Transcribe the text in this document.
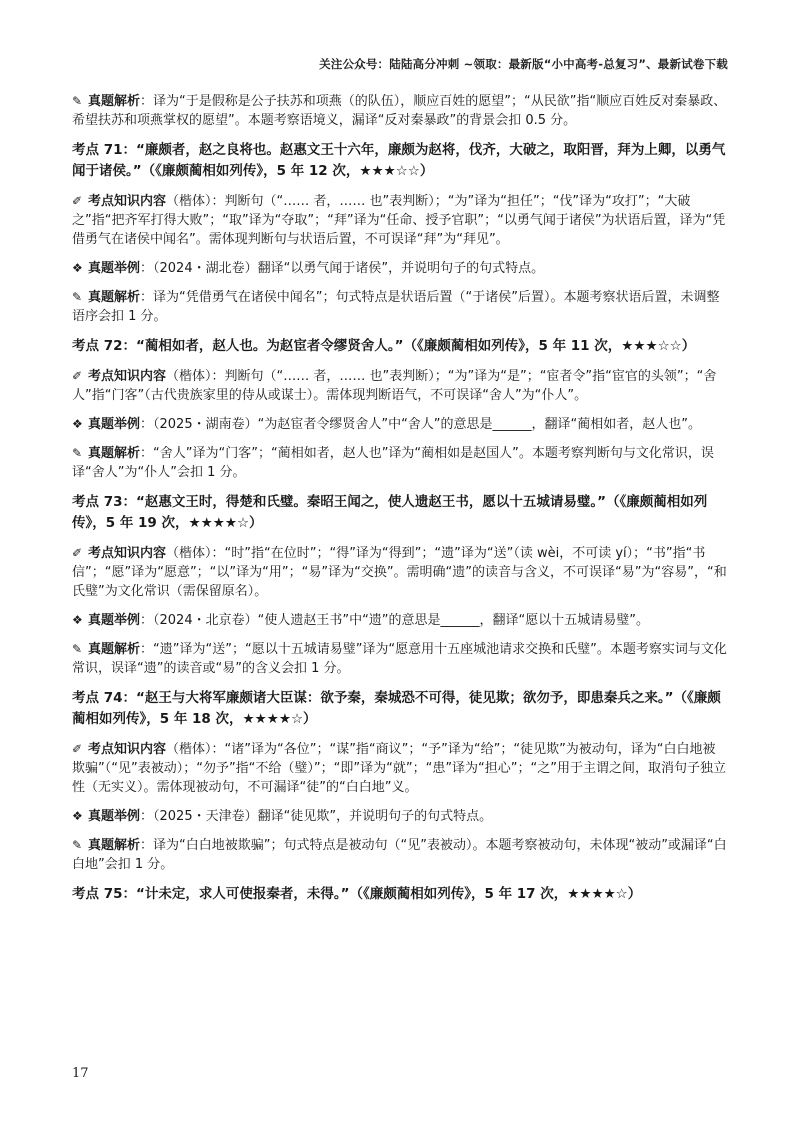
关注公众号：陆陆高分冲刺 ~领取：最新版“小中高考-总复习”、最新试卷下载

✎ 真题解析：译为“于是假称是公子扶苏和项燕（的队伍），顺应百姓的愿望”；“从民欲”指“顺应百姓反对秦暴政、希望扶苏和项燕掌权的愿望”。本题考察语境义，漏译“反对秦暴政”的背景会扣 0.5 分。

考点 71：“廉颇者，赵之良将也。赵惠文王十六年，廉颇为赵将，伐齐，大破之，取阳晋，拜为上卿，以勇气闻于诸侯。”（《廉颇蔺相如列传》，5 年 12 次，★★★☆☆）

✐ 考点知识内容（楷体）：判断句（“…… 者，…… 也”表判断）；“为”译为“担任”；“伐”译为“攻打”；“大破之”指“把齐军打得大败”；“取”译为“夺取”；“拜”译为“任命、授予官职”；“以勇气闻于诸侯”为状语后置，译为“凭借勇气在诸侯中闻名”。需体现判断句与状语后置，不可误译“拜”为“拜见”。

❖ 真题举例：（2024・湖北卷）翻译“以勇气闻于诸侯”，并说明句子的句式特点。

✎ 真题解析：译为“凭借勇气在诸侯中闻名”；句式特点是状语后置（“于诸侯”后置）。本题考察状语后置，未调整语序会扣 1 分。

考点 72：“蔺相如者，赵人也。为赵宦者令缪贤舍人。”（《廉颇蔺相如列传》，5 年 11 次，★★★☆☆）

✐ 考点知识内容（楷体）：判断句（“…… 者，…… 也”表判断）；“为”译为“是”；“宦者令”指“宦官的头领”；“舍人”指“门客”（古代贵族家里的侍从或谋士）。需体现判断语气，不可误译“舍人”为“仆人”。

❖ 真题举例：（2025・湖南卷）“为赵宦者令缪贤舍人”中“舍人”的意思是______，翻译“蔺相如者，赵人也”。

✎ 真题解析：“舍人”译为“门客”；“蔺相如者，赵人也”译为“蔺相如是赵国人”。本题考察判断句与文化常识，误译“舍人”为“仆人”会扣 1 分。

考点 73：“赵惠文王时，得楚和氏璧。秦昭王闻之，使人遗赵王书，愿以十五城请易璧。”（《廉颇蔺相如列传》，5 年 19 次，★★★★☆）

✐ 考点知识内容（楷体）：“时”指“在位时”；“得”译为“得到”；“遗”译为“送”（读 wèi，不可读 yí）；“书”指“书信”；“愿”译为“愿意”；“以”译为“用”；“易”译为“交换”。需明确“遗”的读音与含义，不可误译“易”为“容易”，“和氏璧”为文化常识（需保留原名）。

❖ 真题举例：（2024・北京卷）“使人遗赵王书”中“遗”的意思是______，翻译“愿以十五城请易璧”。

✎ 真题解析：“遗”译为“送”；“愿以十五城请易璧”译为“愿意用十五座城池请求交换和氏璧”。本题考察实词与文化常识，误译“遗”的读音或“易”的含义会扣 1 分。

考点 74：“赵王与大将军廉颇诸大臣谋：欲予秦，秦城恐不可得，徒见欺；欲勿予，即患秦兵之来。”（《廉颇蔺相如列传》，5 年 18 次，★★★★☆）

✐ 考点知识内容（楷体）：“诸”译为“各位”；“谋”指“商议”；“予”译为“给”；“徒见欺”为被动句，译为“白白地被欺骗”（“见”表被动）；“勿予”指“不给（璧）”；“即”译为“就”；“患”译为“担心”；“之”用于主谓之间，取消句子独立性（无实义）。需体现被动句，不可漏译“徒”的“白白地”义。

❖ 真题举例：（2025・天津卷）翻译“徒见欺”，并说明句子的句式特点。

✎ 真题解析：译为“白白地被欺骗”；句式特点是被动句（“见”表被动）。本题考察被动句，未体现“被动”或漏译“白白地”会扣 1 分。

考点 75：“计未定，求人可使报秦者，未得。”（《廉颇蔺相如列传》，5 年 17 次，★★★★☆）

17
